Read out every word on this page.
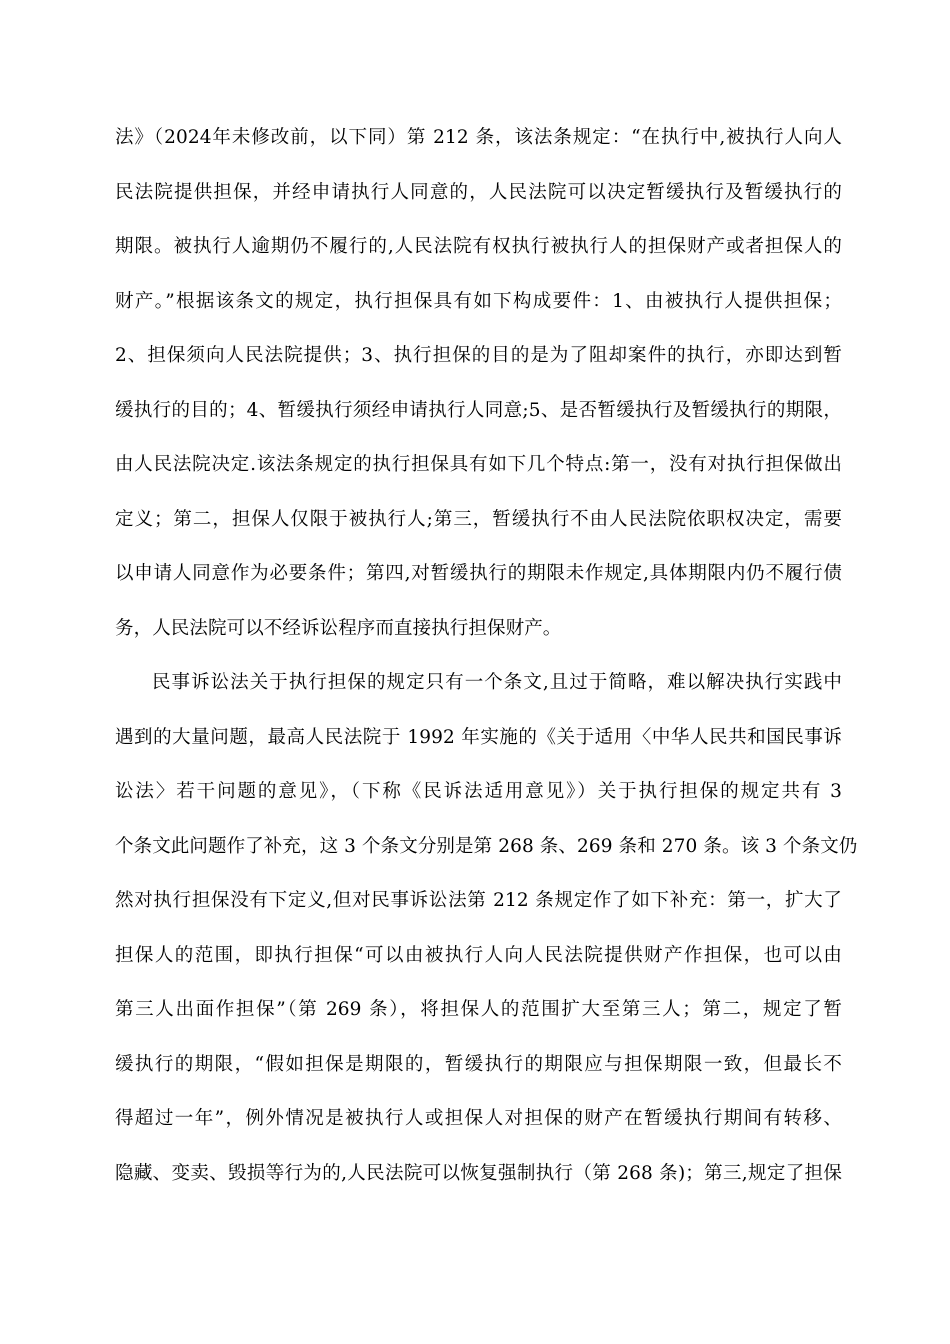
法》（2024年未修改前，以下同）第 212 条，该法条规定：“在执行中,被执行人向人
民法院提供担保，并经申请执行人同意的，人民法院可以决定暂缓执行及暂缓执行的
期限。被执行人逾期仍不履行的,人民法院有权执行被执行人的担保财产或者担保人的
财产。”根据该条文的规定，执行担保具有如下构成要件：1、由被执行人提供担保；
2、担保须向人民法院提供；3、执行担保的目的是为了阻却案件的执行，亦即达到暂
缓执行的目的；4、暂缓执行须经申请执行人同意;5、是否暂缓执行及暂缓执行的期限，
由人民法院决定.该法条规定的执行担保具有如下几个特点:第一，没有对执行担保做出
定义；第二，担保人仅限于被执行人;第三，暂缓执行不由人民法院依职权决定，需要
以申请人同意作为必要条件；第四,对暂缓执行的期限未作规定,具体期限内仍不履行债
务，人民法院可以不经诉讼程序而直接执行担保财产。
民事诉讼法关于执行担保的规定只有一个条文,且过于简略，难以解决执行实践中
遇到的大量问题，最高人民法院于 1992 年实施的《关于适用〈中华人民共和国民事诉
讼法〉若干问题的意见》，（下称《民诉法适用意见》）关于执行担保的规定共有 3
个条文此问题作了补充，这 3 个条文分别是第 268 条、269 条和 270 条。该 3 个条文仍
然对执行担保没有下定义,但对民事诉讼法第 212 条规定作了如下补充：第一，扩大了
担保人的范围，即执行担保“可以由被执行人向人民法院提供财产作担保，也可以由
第三人出面作担保”（第 269 条），将担保人的范围扩大至第三人；第二，规定了暂
缓执行的期限，“假如担保是期限的，暂缓执行的期限应与担保期限一致，但最长不
得超过一年”，例外情况是被执行人或担保人对担保的财产在暂缓执行期间有转移、
隐藏、变卖、毁损等行为的,人民法院可以恢复强制执行（第 268 条)；第三,规定了担保
